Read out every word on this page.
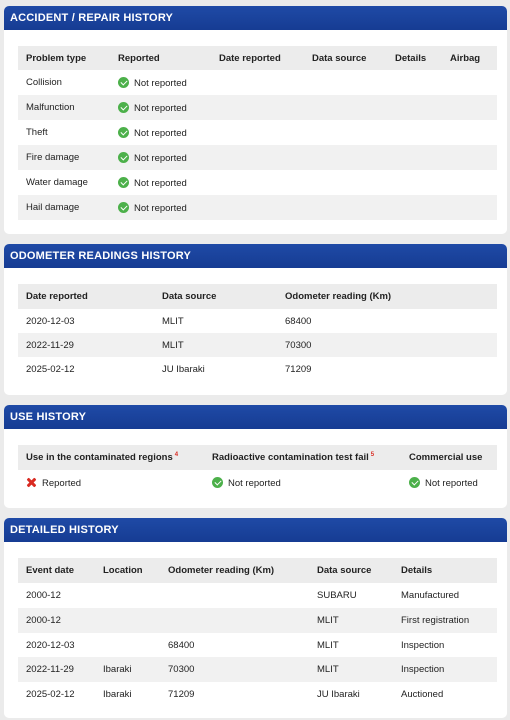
ACCIDENT / REPAIR HISTORY
Problem type	Reported	Date reported	Data source	Details	Airbag
Collision	Not reported				
Malfunction	Not reported				
Theft	Not reported				
Fire damage	Not reported				
Water damage	Not reported				
Hail damage	Not reported				
ODOMETER READINGS HISTORY
Date reported	Data source	Odometer reading (Km)
2020-12-03	MLIT	68400
2022-11-29	MLIT	70300
2025-02-12	JU Ibaraki	71209
USE HISTORY
Use in the contaminated regions $^4$	Radioactive contamination test fail $^5$	Commercial use
Reported	Not reported	Not reported
DETAILED HISTORY
Event date	Location	Odometer reading (Km)	Data source	Details
2000-12			SUBARU	Manufactured
2000-12			MLIT	First registration
2020-12-03		68400	MLIT	Inspection
2022-11-29	Ibaraki	70300	MLIT	Inspection
2025-02-12	Ibaraki	71209	JU Ibaraki	Auctioned
